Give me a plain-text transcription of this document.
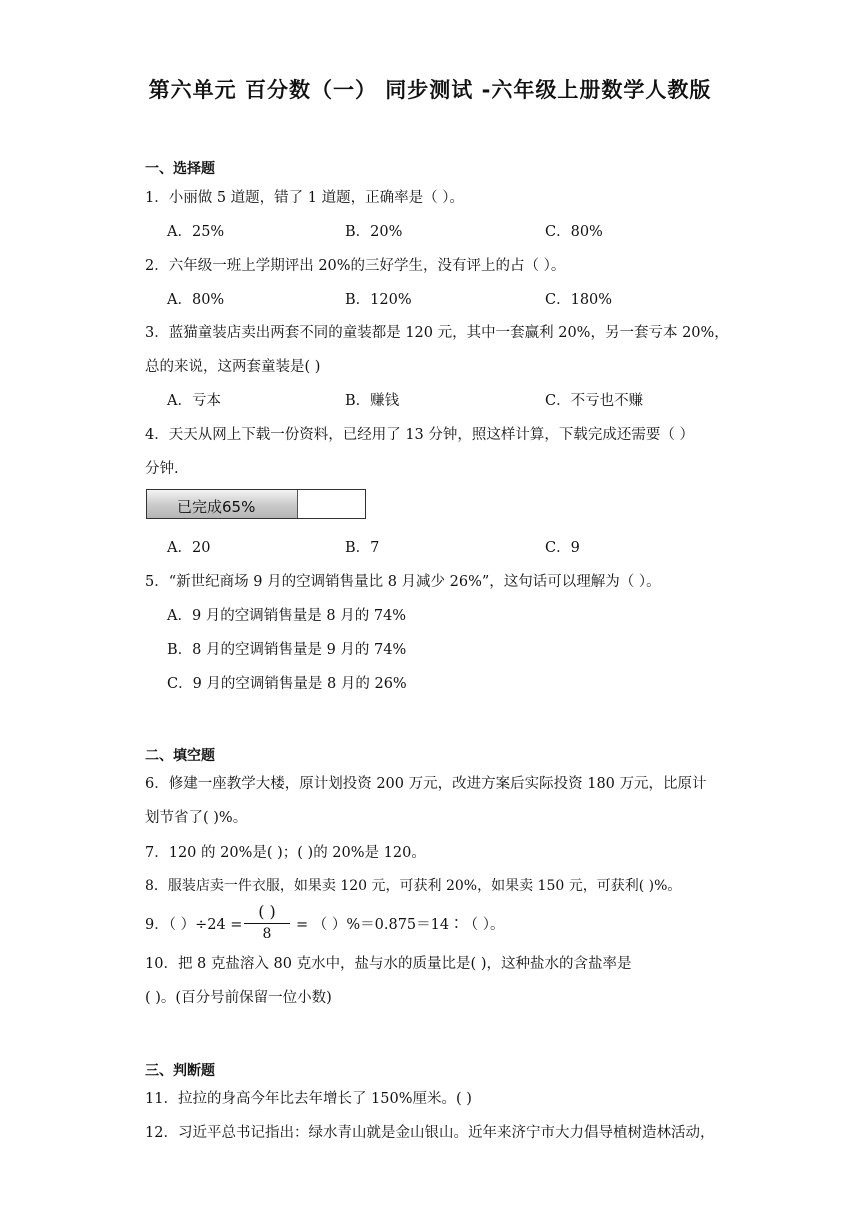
第六单元 百分数（一） 同步测试 -六年级上册数学人教版
一、选择题
1．小丽做 5 道题，错了 1 道题，正确率是（ ）。
A．25%	B．20%	C．80%
2．六年级一班上学期评出 20%的三好学生，没有评上的占（ ）。
A．80%	B．120%	C．180%
3．蓝猫童装店卖出两套不同的童装都是 120 元，其中一套赢利 20%，另一套亏本 20%，
总的来说，这两套童装是( )
A．亏本	B．赚钱	C．不亏也不赚
4．天天从网上下载一份资料，已经用了 13 分钟，照这样计算，下载完成还需要（ ）
分钟.
已完成65%
A．20	B．7	C．9
5．“新世纪商场 9 月的空调销售量比 8 月减少 26%”，这句话可以理解为（ ）。
A．9 月的空调销售量是 8 月的 74%
B．8 月的空调销售量是 9 月的 74%
C．9 月的空调销售量是 8 月的 26%
二、填空题
6．修建一座教学大楼，原计划投资 200 万元，改进方案后实际投资 180 万元，比原计
划节省了( )%。
7．120 的 20%是( )；( )的 20%是 120。
8．服装店卖一件衣服，如果卖 120 元，可获利 20%，如果卖 150 元，可获利( )%。
9．（ ）÷24 =
( )
8
= （ ）%＝0.875＝14∶（ ）。
10．把 8 克盐溶入 80 克水中，盐与水的质量比是( )，这种盐水的含盐率是
( )。(百分号前保留一位小数)
三、判断题
11．拉拉的身高今年比去年增长了 150%厘米。( )
12．习近平总书记指出：绿水青山就是金山银山。近年来济宁市大力倡导植树造林活动，
